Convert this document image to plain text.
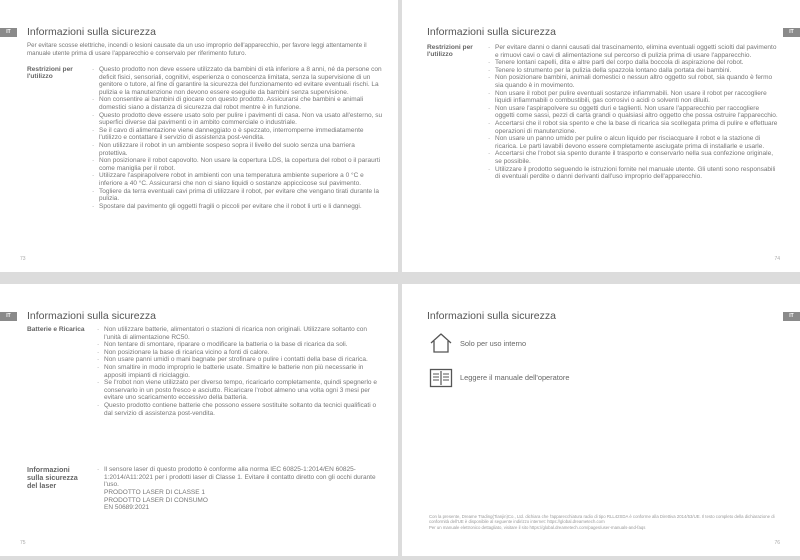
IT	Informazioni sulla sicurezza
Per evitare scosse elettriche, incendi o lesioni causate da un uso improprio dell'apparecchio, per favore leggi attentamente il manuale utente prima di usare l'apparecchio e conservalo per riferimento futuro.
Restrizioni per l'utilizzo
· Questo prodotto non deve essere utilizzato da bambini di età inferiore a 8 anni, né da persone con deficit fisici, sensoriali, cognitivi, esperienza o conoscenza limitata, senza la supervisione di un genitore o tutore, al fine di garantire la sicurezza del funzionamento ed evitare eventuali rischi. La pulizia e la manutenzione non devono essere eseguite da bambini senza supervisione.
· Non consentire ai bambini di giocare con questo prodotto. Assicurarsi che bambini e animali domestici siano a distanza di sicurezza dal robot mentre è in funzione.
· Questo prodotto deve essere usato solo per pulire i pavimenti di casa. Non va usato all'esterno, su superfici diverse dai pavimenti o in ambito commerciale o industriale.
· Se il cavo di alimentazione viene danneggiato o è spezzato, interromperne immediatamente l'utilizzo e contattare il servizio di assistenza post-vendita.
· Non utilizzare il robot in un ambiente sospeso sopra il livello del suolo senza una barriera protettiva.
· Non posizionare il robot capovolto. Non usare la copertura LDS, la copertura del robot o il paraurti come maniglia per il robot.
· Utilizzare l'aspirapolvere robot in ambienti con una temperatura ambiente superiore a 0 °C e inferiore a 40 °C. Assicurarsi che non ci siano liquidi o sostanze appiccicose sul pavimento.
· Togliere da terra eventuali cavi prima di utilizzare il robot, per evitare che vengano tirati durante la pulizia.
· Spostare dal pavimento gli oggetti fragili o piccoli per evitare che il robot li urti e li danneggi.
73
IT
Informazioni sulla sicurezza
Restrizioni per l'utilizzo
· Per evitare danni o danni causati dal trascinamento, elimina eventuali oggetti sciolti dal pavimento e rimuovi cavi o cavi di alimentazione sul percorso di pulizia prima di usare l'apparecchio.
· Tenere lontani capelli, dita e altre parti del corpo dalla boccola di aspirazione del robot.
· Tenere lo strumento per la pulizia della spazzola lontano dalla portata dei bambini.
· Non posizionare bambini, animali domestici o nessun altro oggetto sul robot, sia quando è fermo sia quando è in movimento.
· Non usare il robot per pulire eventuali sostanze infiammabili. Non usare il robot per raccogliere liquidi infiammabili o combustibili, gas corrosivi o acidi o solventi non diluiti.
· Non usare l'aspirapolvere su oggetti duri e taglienti. Non usare l'apparecchio per raccogliere oggetti come sassi, pezzi di carta grandi o qualsiasi altro oggetto che possa ostruire l'apparecchio.
· Accertarsi che il robot sia spento e che la base di ricarica sia scollegata prima di pulire e effettuare operazioni di manutenzione.
· Non usare un panno umido per pulire o alcun liquido per risciacquare il robot e la stazione di ricarica. Le parti lavabili devono essere completamente asciugate prima di installarle e usarle.
· Accertarsi che l'robot sia spento durante il trasporto e conservarlo nella sua confezione originale, se possibile.
· Utilizzare il prodotto seguendo le istruzioni fornite nel manuale utente. Gli utenti sono responsabili di eventuali perdite o danni derivanti dall'uso improprio dell'apparecchio.
74
IT	Informazioni sulla sicurezza
Batterie e Ricarica
·	Non utilizzare batterie, alimentatori o stazioni di ricarica non originali. Utilizzare soltanto con l'unità di alimentazione RC50.
· Non tentare di smontare, riparare o modificare la batteria o la base di ricarica da soli.
· Non posizionare la base di ricarica vicino a fonti di calore.
· Non usare panni umidi o mani bagnate per strofinare o pulire i contatti della base di ricarica.
· Non smaltire in modo improprio le batterie usate. Smaltire le batterie non più necessarie in appositi impianti di riciclaggio.
· Se l'robot non viene utilizzato per diverso tempo, ricaricarlo completamente, quindi spegnerlo e conservarlo in un posto fresco e asciutto. Ricaricare l'robot almeno una volta ogni 3 mesi per evitare uno scaricamento eccessivo della batteria.
· Questo prodotto contiene batterie che possono essere sostituite soltanto da tecnici qualificati o dal servizio di assistenza post-vendita.
Informazioni sulla sicurezza del laser
· Il sensore laser di questo prodotto è conforme alla norma IEC 60825-1:2014/EN 60825-1:2014/A11:2021 per i prodotti laser di Classe 1. Evitare il contatto diretto con gli occhi durante l'uso.
PRODOTTO LASER DI CLASSE 1
PRODOTTO LASER DI CONSUMO
EN 50689:2021
75
IT
Informazioni sulla sicurezza
Solo per uso interno
Leggere il manuale dell'operatore
Con la presente, Dreame Trading(Tianjin)Co., Ltd. dichiara che l'apparecchiatura radio di tipo RLL42SDA è conforme alla Direttiva 2014/53/UE. Il testo completo della dichiarazione di conformità dell'UE è disponibile al seguente indirizzo internet: https://global.dreametech.com
Per un manuale elettronico dettagliato, visitare il sito https://global.dreametech.com/pages/user-manuals-and-faqs
76
